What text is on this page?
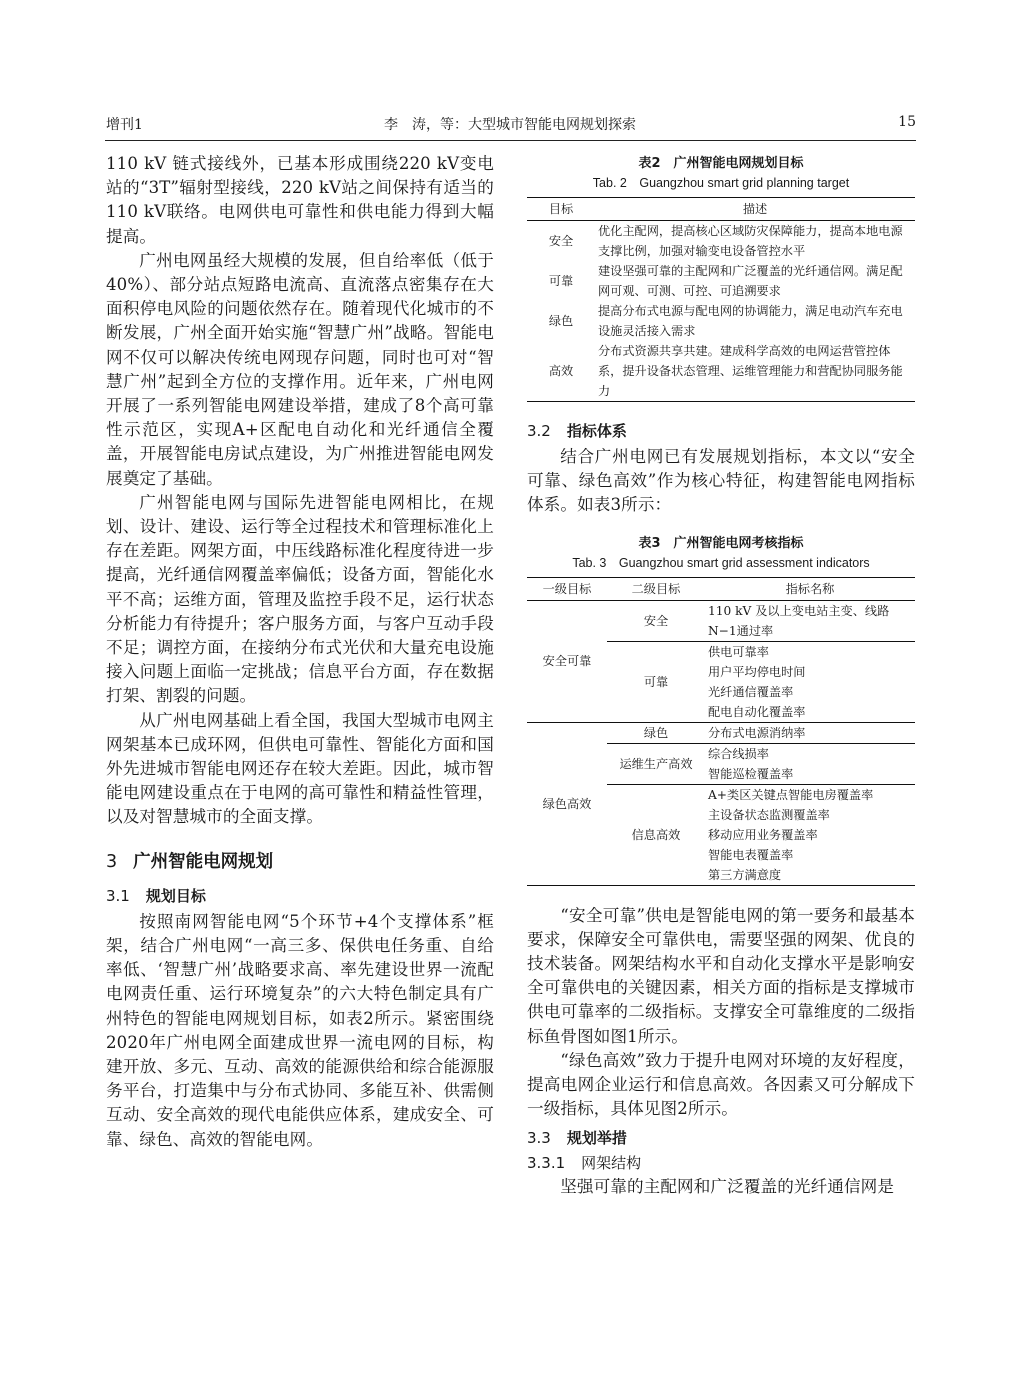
增刊1	李　涛，等：大型城市智能电网规划探索	15

110 kV 链式接线外，已基本形成围绕220 kV变电站的“3T”辐射型接线，220 kV站之间保持有适当的110 kV联络。电网供电可靠性和供电能力得到大幅提高。

广州电网虽经大规模的发展，但自给率低（低于40%）、部分站点短路电流高、直流落点密集存在大面积停电风险的问题依然存在。随着现代化城市的不断发展，广州全面开始实施“智慧广州”战略。智能电网不仅可以解决传统电网现存问题，同时也可对“智慧广州”起到全方位的支撑作用。近年来，广州电网开展了一系列智能电网建设举措，建成了8个高可靠性示范区，实现A+区配电自动化和光纤通信全覆盖，开展智能电房试点建设，为广州推进智能电网发展奠定了基础。

广州智能电网与国际先进智能电网相比，在规划、设计、建设、运行等全过程技术和管理标准化上存在差距。网架方面，中压线路标准化程度待进一步提高，光纤通信网覆盖率偏低；设备方面，智能化水平不高；运维方面，管理及监控手段不足，运行状态分析能力有待提升；客户服务方面，与客户互动手段不足；调控方面，在接纳分布式光伏和大量充电设施接入问题上面临一定挑战；信息平台方面，存在数据打架、割裂的问题。

从广州电网基础上看全国，我国大型城市电网主网架基本已成环网，但供电可靠性、智能化方面和国外先进城市智能电网还存在较大差距。因此，城市智能电网建设重点在于电网的高可靠性和精益性管理，以及对智慧城市的全面支撑。

3 广州智能电网规划
3.1 规划目标

按照南网智能电网“5个环节+4个支撑体系”框架，结合广州电网“一高三多、保供电任务重、自给率低、‘智慧广州’战略要求高、率先建设世界一流配电网责任重、运行环境复杂”的六大特色制定具有广州特色的智能电网规划目标，如表2所示。紧密围绕2020年广州电网全面建成世界一流电网的目标，构建开放、多元、互动、高效的能源供给和综合能源服务平台，打造集中与分布式协同、多能互补、供需侧互动、安全高效的现代电能供应体系，建成安全、可靠、绿色、高效的智能电网。

表2　广州智能电网规划目标

Tab. 2　Guangzhou smart grid planning target

目标	描述
安全	优化主配网，提高核心区域防灾保障能力，提高本地电源支撑比例，加强对输变电设备管控水平
可靠	建设坚强可靠的主配网和广泛覆盖的光纤通信网。满足配网可观、可测、可控、可追溯要求
绿色	提高分布式电源与配电网的协调能力，满足电动汽车充电设施灵活接入需求
高效	分布式资源共享共建。建成科学高效的电网运营管控体系，提升设备状态管理、运维管理能力和营配协同服务能力
3.2 指标体系

结合广州电网已有发展规划指标，本文以“安全可靠、绿色高效”作为核心特征，构建智能电网指标体系。如表3所示：

表3　广州智能电网考核指标

Tab. 3　Guangzhou smart grid assessment indicators

一级目标	二级目标	指标名称
安全可靠	安全	110 kV 及以上变电站主变、线路N−1通过率
	可靠	供电可靠率
		用户平均停电时间
		光纤通信覆盖率
		配电自动化覆盖率
绿色高效	绿色	分布式电源消纳率
	运维生产高效	综合线损率
		智能巡检覆盖率
	信息高效	A+类区关键点智能电房覆盖率
		主设备状态监测覆盖率
		移动应用业务覆盖率
		智能电表覆盖率
		第三方满意度

“安全可靠”供电是智能电网的第一要务和最基本要求，保障安全可靠供电，需要坚强的网架、优良的技术装备。网架结构水平和自动化支撑水平是影响安全可靠供电的关键因素，相关方面的指标是支撑城市供电可靠率的二级指标。支撑安全可靠维度的二级指标鱼骨图如图1所示。

“绿色高效”致力于提升电网对环境的友好程度，提高电网企业运行和信息高效。各因素又可分解成下一级指标，具体见图2所示。

3.3 规划举措
3.3.1 网架结构

坚强可靠的主配网和广泛覆盖的光纤通信网是
